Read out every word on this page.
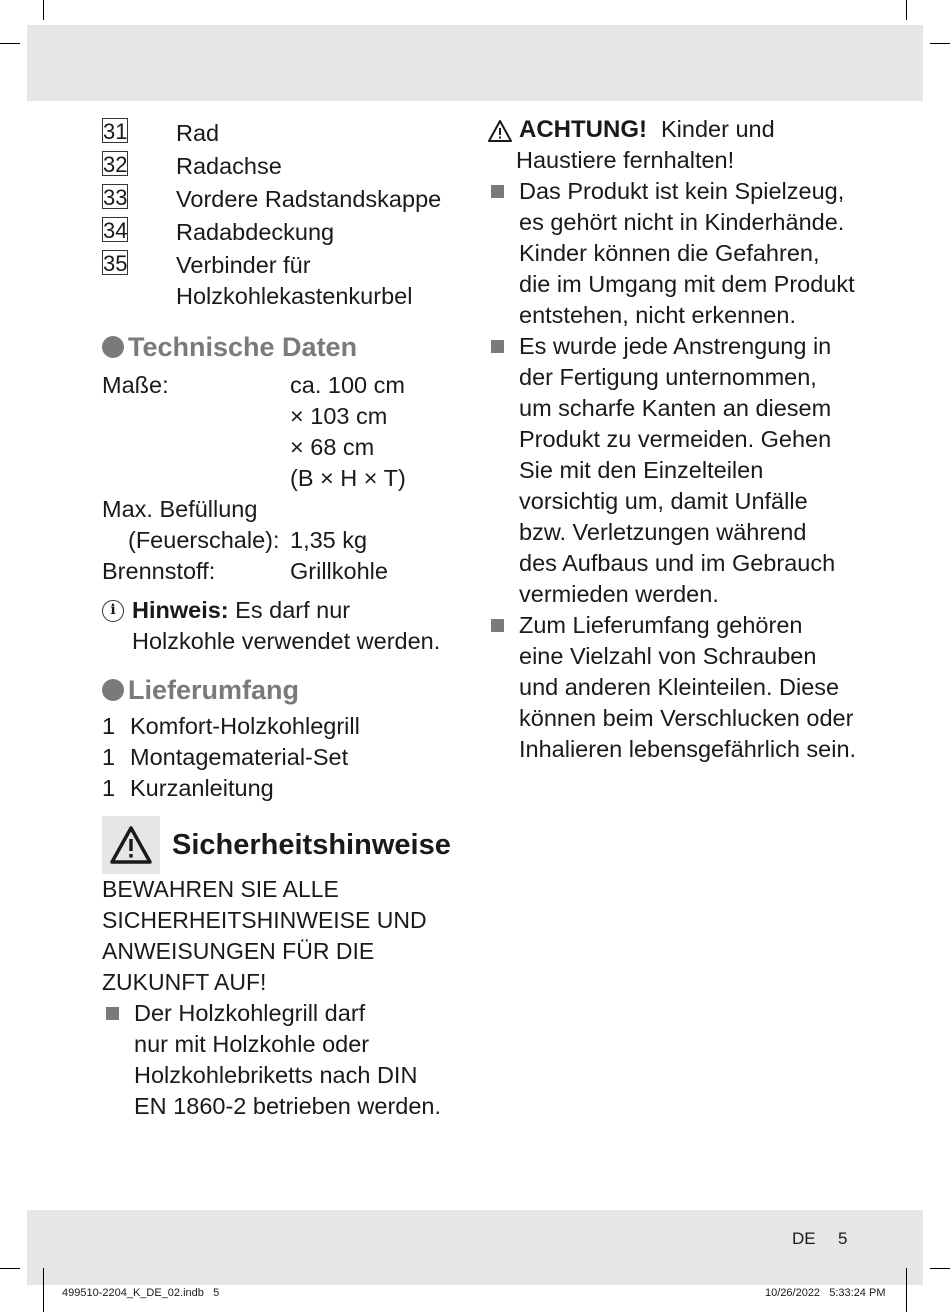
31 Rad
32 Radachse
33 Vordere Radstandskappe
34 Radabdeckung
35 Verbinder für
Holzkohlekastenkurbel
Technische Daten
Maße:	ca. 100 cm
× 103 cm
× 68 cm
(B × H × T)
Max. Befüllung
(Feuerschale): 1,35 kg
Brennstoff:	Grillkohle
i Hinweis: Es darf nur
Holzkohle verwendet werden.
Lieferumfang
1 Komfort-Holzkohlegrill
1 Montagematerial-Set
1 Kurzanleitung
Sicherheitshinweise
BEWAHREN SIE ALLE
SICHERHEITSHINWEISE UND
ANWEISUNGEN FÜR DIE
ZUKUNFT AUF!
Der Holzkohlegrill darf
nur mit Holzkohle oder
Holzkohlebriketts nach DIN
EN 1860-2 betrieben werden.
ACHTUNG! Kinder und
Haustiere fernhalten!
Das Produkt ist kein Spielzeug,
es gehört nicht in Kinderhände.
Kinder können die Gefahren,
die im Umgang mit dem Produkt
entstehen, nicht erkennen.
Es wurde jede Anstrengung in
der Fertigung unternommen,
um scharfe Kanten an diesem
Produkt zu vermeiden. Gehen
Sie mit den Einzelteilen
vorsichtig um, damit Unfälle
bzw. Verletzungen während
des Aufbaus und im Gebrauch
vermieden werden.
Zum Lieferumfang gehören
eine Vielzahl von Schrauben
und anderen Kleinteilen. Diese
können beim Verschlucken oder
Inhalieren lebensgefährlich sein.
DE 5
499510-2204_K_DE_02.indb   5	10/26/2022   5:33:24 PM
